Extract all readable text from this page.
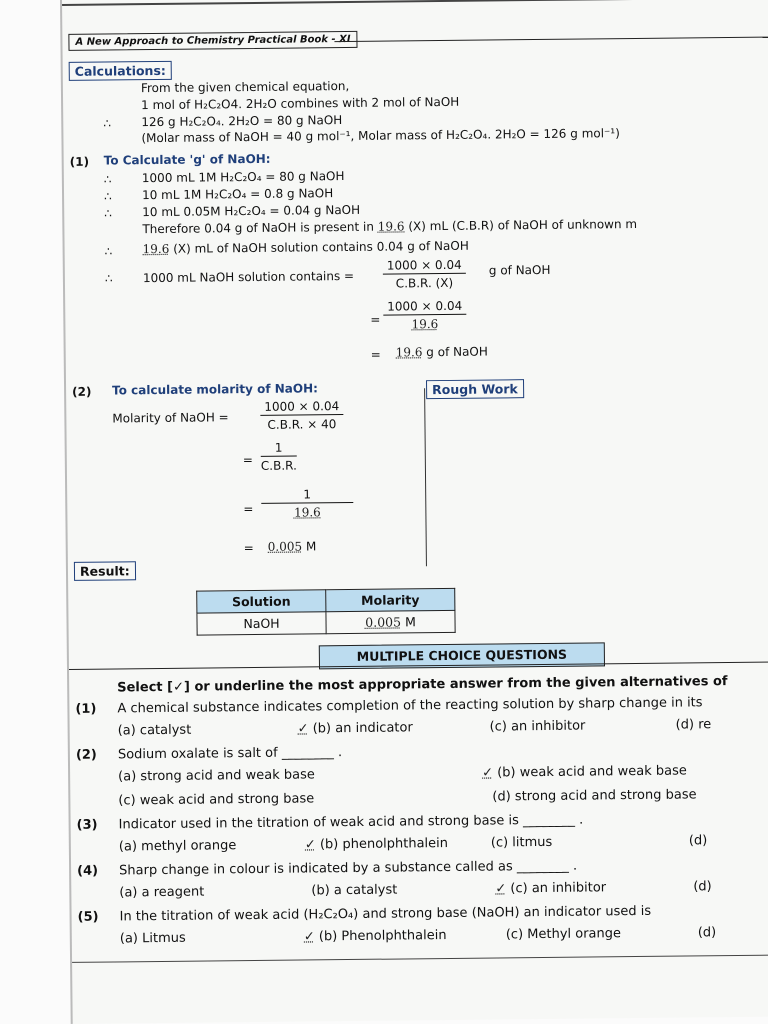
A New Approach to Chemistry Practical Book - XI
Calculations:
From the given chemical equation,
1 mol of H₂C₂O4. 2H₂O combines with 2 mol of NaOH
∴	126 g H₂C₂O₄. 2H₂O = 80 g NaOH
(Molar mass of NaOH = 40 g mol⁻¹, Molar mass of H₂C₂O₄. 2H₂O = 126 g mol⁻¹)
(1) To Calculate 'g' of NaOH:
∴	1000 mL 1M H₂C₂O₄ = 80 g NaOH
∴	10 mL 1M H₂C₂O₄ = 0.8 g NaOH
∴	10 mL 0.05M H₂C₂O₄ = 0.04 g NaOH
Therefore 0.04 g of NaOH is present in 19.6 (X) mL (C.B.R) of NaOH of unknown m
∴	19.6 (X) mL of NaOH solution contains 0.04 g of NaOH
∴	1000 mL NaOH solution contains = $\frac{1000 \times 0.04}{C.B.R. (X)}$ g of NaOH
= $\frac{1000 \times 0.04}{19.6}$
= 19.6 g of NaOH
(2) To calculate molarity of NaOH:
Molarity of NaOH =	$\frac{1000 \times 0.04}{C.B.R. \times 40}$
= $\frac{1}{C.B.R.}$
= $\frac{1}{19.6}$
= 0.005 M
Rough Work
Result:
Solution	Molarity
NaOH	0.005 M
MULTIPLE CHOICE QUESTIONS
Select [✓] or underline the most appropriate answer from the given alternatives of
(1) A chemical substance indicates completion of the reacting solution by sharp change in its
(a) catalyst	✓ (b) an indicator	(c) an inhibitor	(d) re
(2) Sodium oxalate is salt of ________ .
(a) strong acid and weak base	✓ (b) weak acid and weak base
(c) weak acid and strong base	(d) strong acid and strong base
(3) Indicator used in the titration of weak acid and strong base is ________ .
(a) methyl orange	✓ (b) phenolphthalein	(c) litmus	(d)
(4) Sharp change in colour is indicated by a substance called as ________ .
(a) a reagent	(b) a catalyst	✓ (c) an inhibitor	(d)
(5) In the titration of weak acid (H₂C₂O₄) and strong base (NaOH) an indicator used is
(a) Litmus	✓ (b) Phenolphthalein	(c) Methyl orange	(d)
